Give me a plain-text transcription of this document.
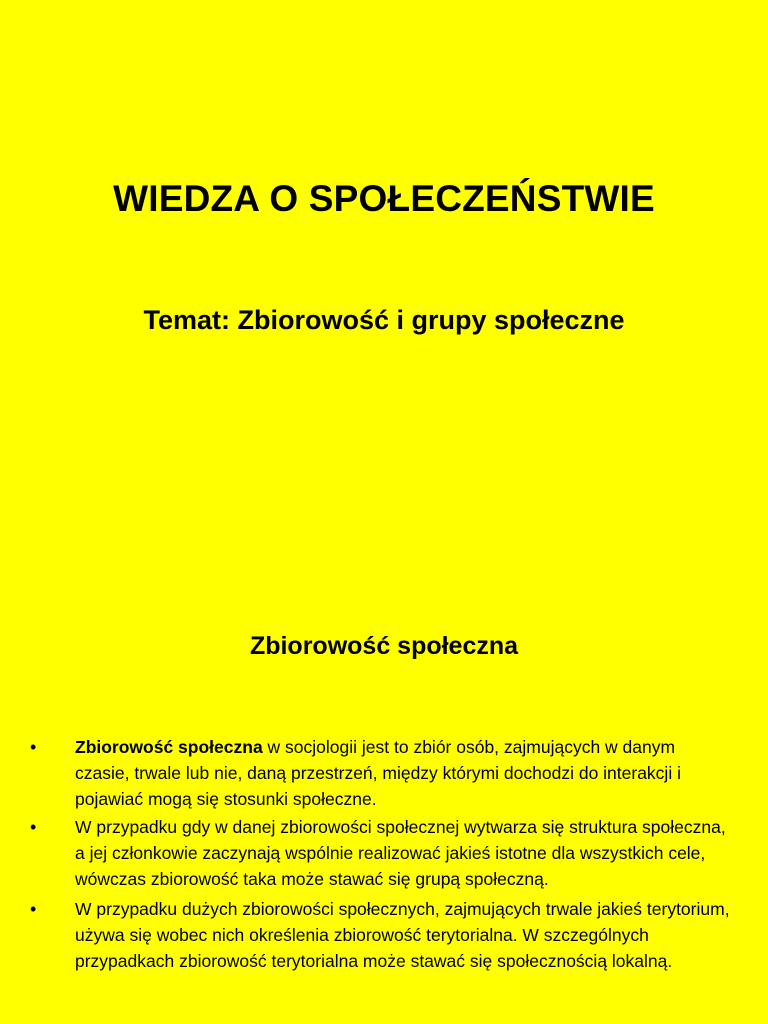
WIEDZA O SPOŁECZEŃSTWIE
Temat: Zbiorowość i grupy społeczne
Zbiorowość społeczna
• Zbiorowość społeczna w socjologii jest to zbiór osób, zajmujących w danym czasie, trwale lub nie, daną przestrzeń, między którymi dochodzi do interakcji i pojawiać mogą się stosunki społeczne.
• W przypadku gdy w danej zbiorowości społecznej wytwarza się struktura społeczna, a jej członkowie zaczynają wspólnie realizować jakieś istotne dla wszystkich cele, wówczas zbiorowość taka może stawać się grupą społeczną.
• W przypadku dużych zbiorowości społecznych, zajmujących trwale jakieś terytorium, używa się wobec nich określenia zbiorowość terytorialna. W szczególnych przypadkach zbiorowość terytorialna może stawać się społecznością lokalną.
